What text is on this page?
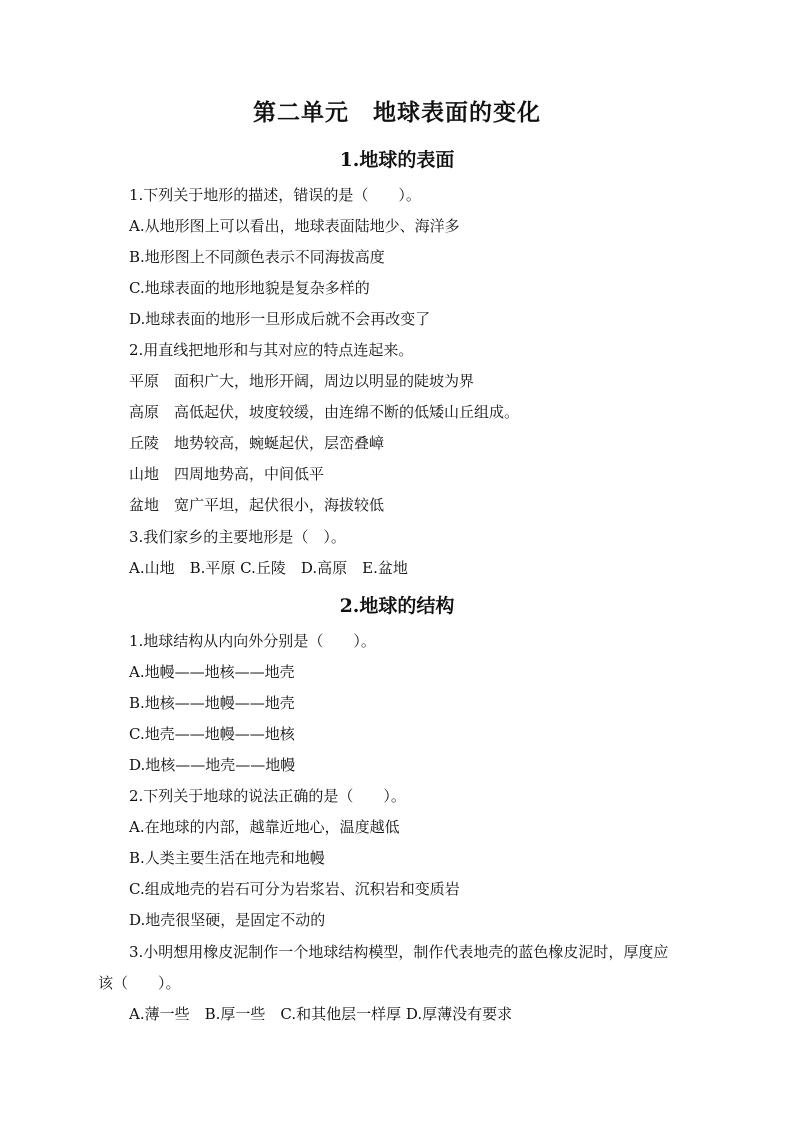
第二单元　地球表面的变化
1.地球的表面
1.下列关于地形的描述，错误的是（　　）。
A.从地形图上可以看出，地球表面陆地少、海洋多
B.地形图上不同颜色表示不同海拔高度
C.地球表面的地形地貌是复杂多样的
D.地球表面的地形一旦形成后就不会再改变了
2.用直线把地形和与其对应的特点连起来。
平原　面积广大，地形开阔，周边以明显的陡坡为界
高原　高低起伏，坡度较缓，由连绵不断的低矮山丘组成。
丘陵　地势较高，蜿蜒起伏，层峦叠嶂
山地　四周地势高，中间低平
盆地　宽广平坦，起伏很小，海拔较低
3.我们家乡的主要地形是（　）。
A.山地　B.平原 C.丘陵　D.高原　E.盆地
2.地球的结构
1.地球结构从内向外分别是（　　）。
A.地幔——地核——地壳
B.地核——地幔——地壳
C.地壳——地幔——地核
D.地核——地壳——地幔
2.下列关于地球的说法正确的是（　　）。
A.在地球的内部，越靠近地心，温度越低
B.人类主要生活在地壳和地幔
C.组成地壳的岩石可分为岩浆岩、沉积岩和变质岩
D.地壳很坚硬，是固定不动的
3.小明想用橡皮泥制作一个地球结构模型，制作代表地壳的蓝色橡皮泥时，厚度应
该（　　）。
A.薄一些　B.厚一些　C.和其他层一样厚 D.厚薄没有要求
